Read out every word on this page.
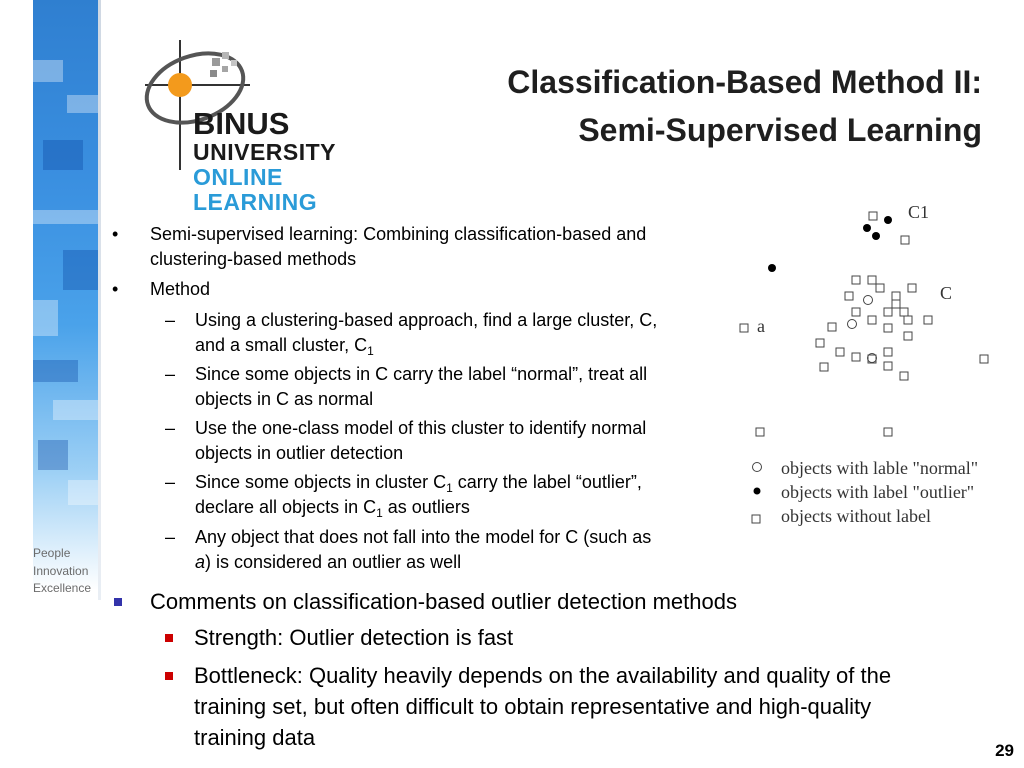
People
Innovation
Excellence
BINUS
UNIVERSITY
ONLINE
LEARNING
Classification-Based Method II:
Semi-Supervised Learning
• Semi-supervised learning: Combining classification-based and
clustering-based methods
• Method
– Using a clustering-based approach, find a large cluster, C,
and a small cluster, $C_1$
– Since some objects in C carry the label “normal”, treat all
objects in C as normal
– Use the one-class model of this cluster to identify normal
objects in outlier detection
– Since some objects in cluster $C_1$ carry the label “outlier”,
declare all objects in $C_1$ as outliers
– Any object that does not fall into the model for C (such as
a) is considered an outlier as well
Comments on classification-based outlier detection methods
Strength: Outlier detection is fast
Bottleneck: Quality heavily depends on the availability and quality of the
training set, but often difficult to obtain representative and high-quality
training data
C1
C
a
objects with lable "normal"
objects with label "outlier"
objects without label
29
